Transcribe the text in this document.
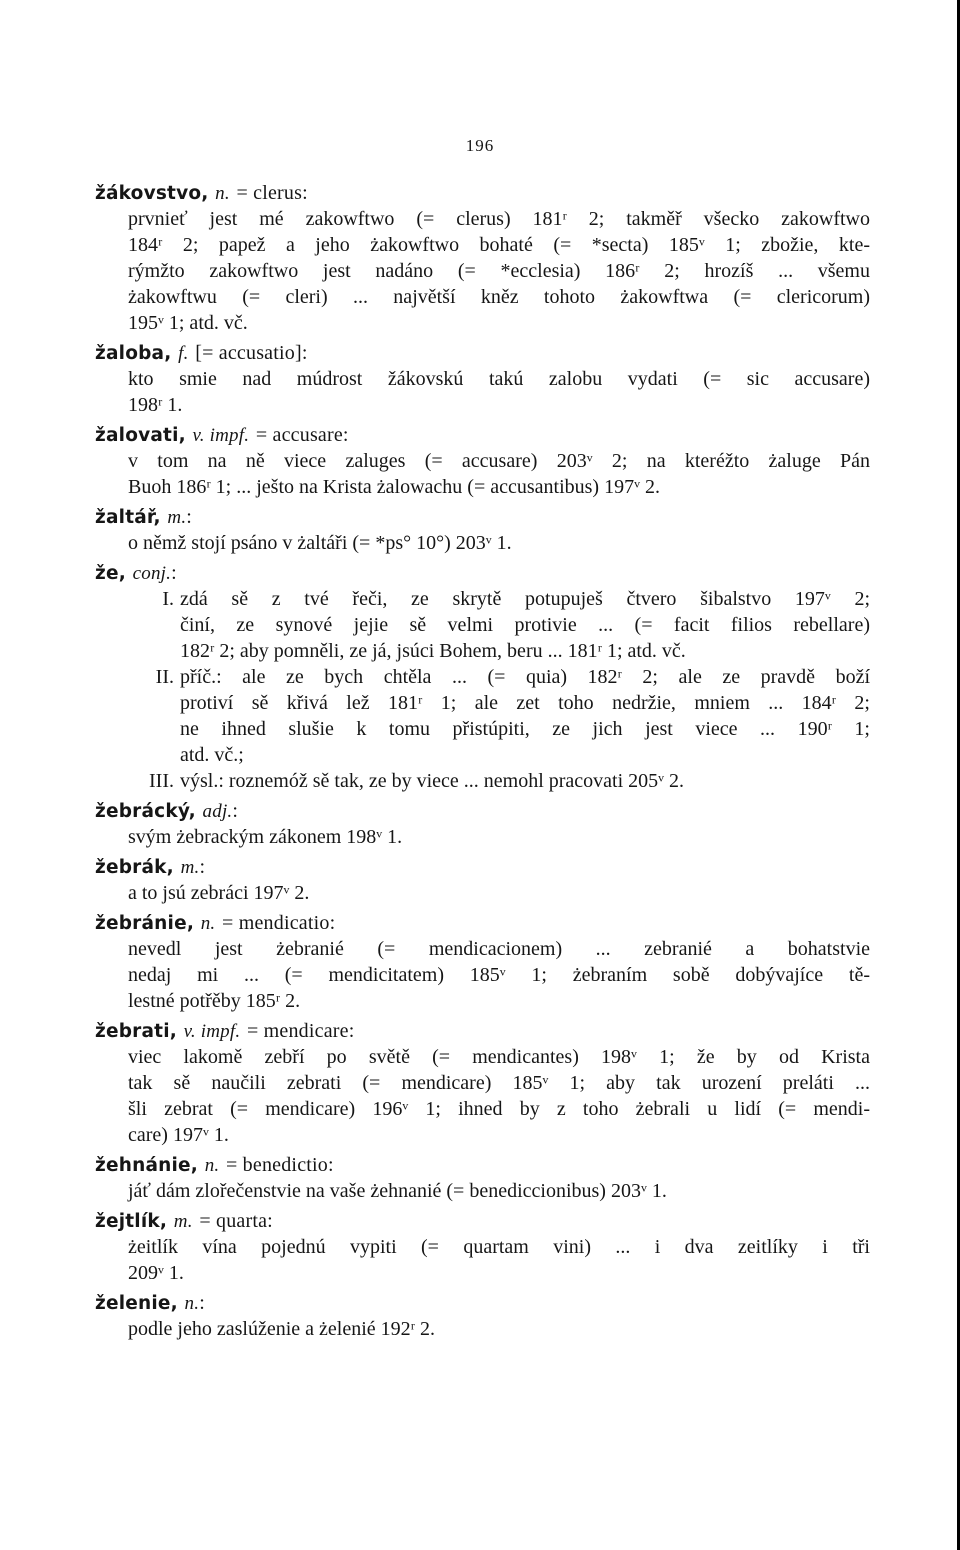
196
žákovstvo, n. = clerus:
prvnieť jest mé zakowftwo (= clerus) 181ʳ 2; takměř všecko zakowftwo
184ʳ 2; papež a jeho żakowftwo bohaté (= *secta) 185ᵛ 1; zbožie, kte-
rýmžto zakowftwo jest nadáno (= *ecclesia) 186ʳ 2; hrozíš ... všemu
żakowftwu (= cleri) ... najvětší kněz tohoto żakowftwa (= clericorum)
195ᵛ 1; atd. vč.
žaloba, f. [= accusatio]:
kto smie nad múdrost žákovskú takú zalobu vydati (= sic accusare)
198ʳ 1.
žalovati, v. impf. = accusare:
v tom na ně viece zaluges (= accusare) 203ᵛ 2; na kteréžto żaluge Pán
Buoh 186ʳ 1; ... ješto na Krista żalowachu (= accusantibus) 197ᵛ 2.
žaltář, m.:
o němž stojí psáno v żaltáři (= *ps° 10°) 203ᵛ 1.
že, conj.:
I. zdá sě z tvé řeči, ze skrytě potupuješ čtvero šibalstvo 197ᵛ 2;
činí, ze synové jejie sě velmi protivie ... (= facit filios rebellare)
182ʳ 2; aby pomněli, ze já, jsúci Bohem, beru ... 181ʳ 1; atd. vč.
II. příč.: ale ze bych chtěla ... (= quia) 182ʳ 2; ale ze pravdě boží
protiví sě křivá lež 181ʳ 1; ale zet toho nedržie, mniem ... 184ʳ 2;
ne ihned slušie k tomu přistúpiti, ze jich jest viece ... 190ʳ 1;
atd. vč.;
III. výsl.: roznemóž sě tak, ze by viece ... nemohl pracovati 205ᵛ 2.
žebrácký, adj.:
svým żebrackým zákonem 198ᵛ 1.
žebrák, m.:
a to jsú zebráci 197ᵛ 2.
žebránie, n. = mendicatio:
nevedl jest żebranié (= mendicacionem) ... zebranié a bohatstvie
nedaj mi ... (= mendicitatem) 185ᵛ 1; żebraním sobě dobývajíce tě-
lestné potřěby 185ʳ 2.
žebrati, v. impf. = mendicare:
viec lakomě zebří po světě (= mendicantes) 198ᵛ 1; že by od Krista
tak sě naučili zebrati (= mendicare) 185ᵛ 1; aby tak urození preláti ...
šli zebrat (= mendicare) 196ᵛ 1; ihned by z toho żebrali u lidí (= mendi-
care) 197ᵛ 1.
žehnánie, n. = benedictio:
jáť dám zlořečenstvie na vaše żehnanié (= benediccionibus) 203ᵛ 1.
žejtlík, m. = quarta:
żeitlík vína pojednú vypiti (= quartam vini) ... i dva zeitlíky i tři
209ᵛ 1.
želenie, n.:
podle jeho zaslúženie a żelenié 192ʳ 2.
